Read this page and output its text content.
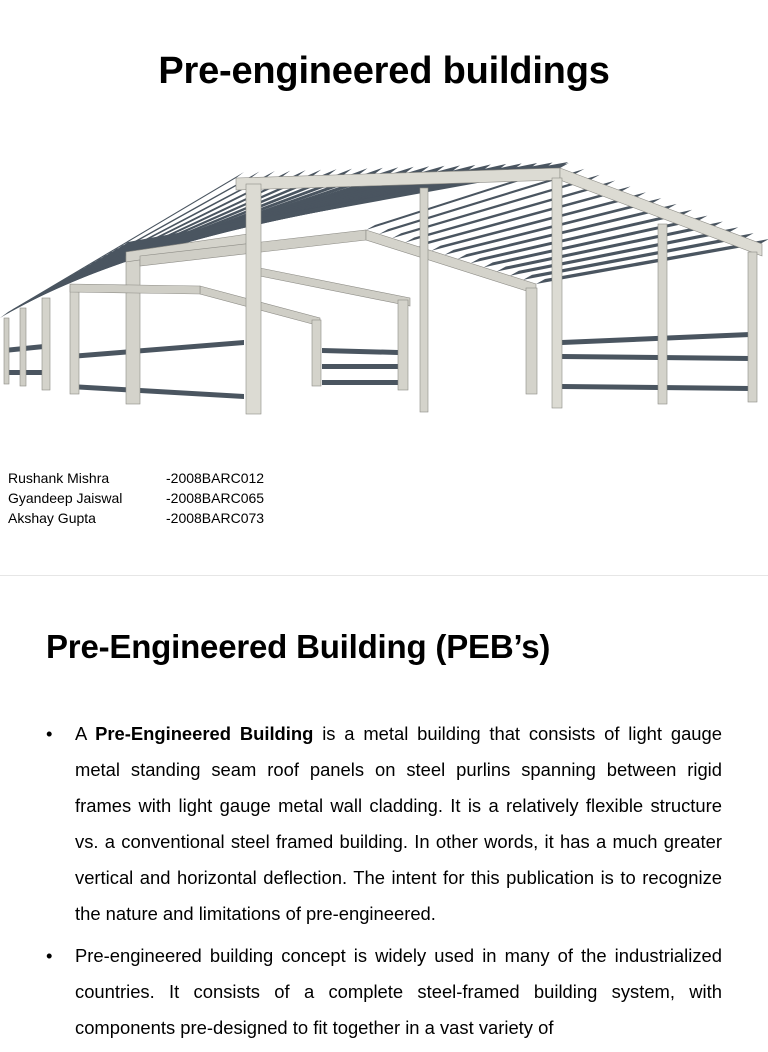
Pre-engineered buildings
Rushank Mishra	-2008BARC012
Gyandeep Jaiswal	-2008BARC065
Akshay Gupta	-2008BARC073
Pre-Engineered Building (PEB’s)
• A Pre-Engineered Building is a metal building that consists of light gauge metal standing seam roof panels on steel purlins spanning between rigid frames with light gauge metal wall cladding. It is a relatively flexible structure vs. a conventional steel framed building. In other words, it has a much greater vertical and horizontal deflection. The intent for this publication is to recognize the nature and limitations of pre-engineered.
• Pre-engineered building concept is widely used in many of the industrialized countries. It consists of a complete steel-framed building system, with components pre-designed to fit together in a vast variety of
